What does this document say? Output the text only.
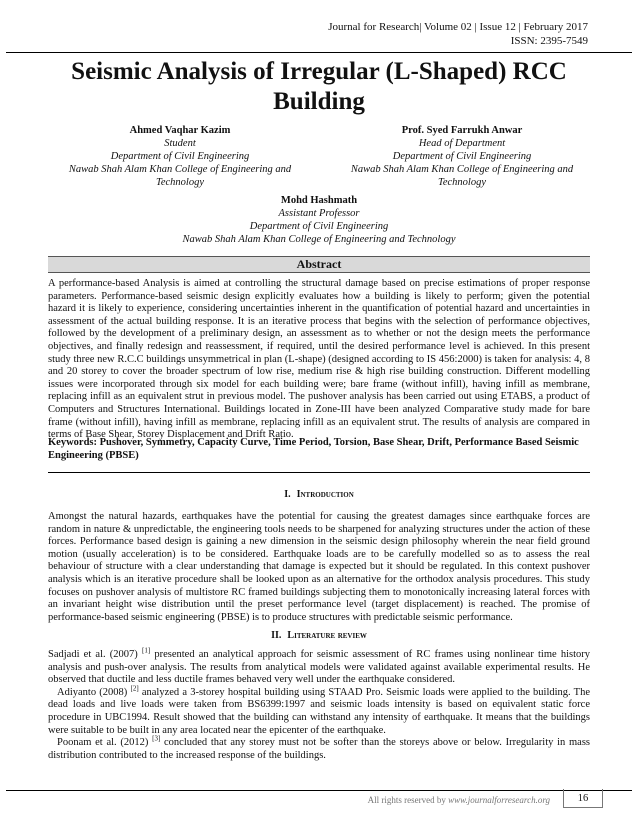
Journal for Research| Volume 02 | Issue 12 | February 2017
ISSN: 2395-7549
Seismic Analysis of Irregular (L-Shaped) RCC Building
Ahmed Vaqhar Kazim
Student
Department of Civil Engineering
Nawab Shah Alam Khan College of Engineering and Technology
Prof. Syed Farrukh Anwar
Head of Department
Department of Civil Engineering
Nawab Shah Alam Khan College of Engineering and Technology
Mohd Hashmath
Assistant Professor
Department of Civil Engineering
Nawab Shah Alam Khan College of Engineering and Technology
Abstract
A performance-based Analysis is aimed at controlling the structural damage based on precise estimations of proper response parameters. Performance-based seismic design explicitly evaluates how a building is likely to perform; given the potential hazard it is likely to experience, considering uncertainties inherent in the quantification of potential hazard and uncertainties in assessment of the actual building response. It is an iterative process that begins with the selection of performance objectives, followed by the development of a preliminary design, an assessment as to whether or not the design meets the performance objectives, and finally redesign and reassessment, if required, until the desired performance level is achieved. In this present study three new R.C.C buildings unsymmetrical in plan (L-shape) (designed according to IS 456:2000) is taken for analysis: 4, 8 and 20 storey to cover the broader spectrum of low rise, medium rise & high rise building construction. Different modelling issues were incorporated through six model for each building were; bare frame (without infill), having infill as membrane, replacing infill as an equivalent strut in previous model. The pushover analysis has been carried out using ETABS, a product of Computers and Structures International. Buildings located in Zone-III have been analyzed Comparative study made for bare frame (without infill), having infill as membrane, replacing infill as an equivalent strut. The results of analysis are compared in terms of Base Shear, Storey Displacement and Drift Ratio.
Keywords: Pushover, Symmetry, Capacity Curve, Time Period, Torsion, Base Shear, Drift, Performance Based Seismic Engineering (PBSE)
I. Introduction
Amongst the natural hazards, earthquakes have the potential for causing the greatest damages since earthquake forces are random in nature & unpredictable, the engineering tools needs to be sharpened for analyzing structures under the action of these forces. Performance based design is gaining a new dimension in the seismic design philosophy wherein the near field ground motion (usually acceleration) is to be considered. Earthquake loads are to be carefully modelled so as to assess the real behaviour of structure with a clear understanding that damage is expected but it should be regulated. In this context pushover analysis which is an iterative procedure shall be looked upon as an alternative for the orthodox analysis procedures. This study focuses on pushover analysis of multistore RC framed buildings subjecting them to monotonically increasing lateral forces with an invariant height wise distribution until the preset performance level (target displacement) is reached. The promise of performance-based seismic engineering (PBSE) is to produce structures with predictable seismic performance.
II. Literature review

Sadjadi et al. (2007) [1] presented an analytical approach for seismic assessment of RC frames using nonlinear time history analysis and push-over analysis. The results from analytical models were validated against available experimental results. He observed that ductile and less ductile frames behaved very well under the earthquake considered.

Adiyanto (2008) [2] analyzed a 3-storey hospital building using STAAD Pro. Seismic loads were applied to the building. The dead loads and live loads were taken from BS6399:1997 and seismic loads intensity is based on equivalent static force procedure in UBC1994. Result showed that the building can withstand any intensity of earthquake. It means that the buildings were suitable to be built in any area located near the epicenter of the earthquake.

Poonam et al. (2012) [3] concluded that any storey must not be softer than the storeys above or below. Irregularity in mass distribution contributed to the increased response of the buildings.

All rights reserved by www.journalforresearch.org	16
